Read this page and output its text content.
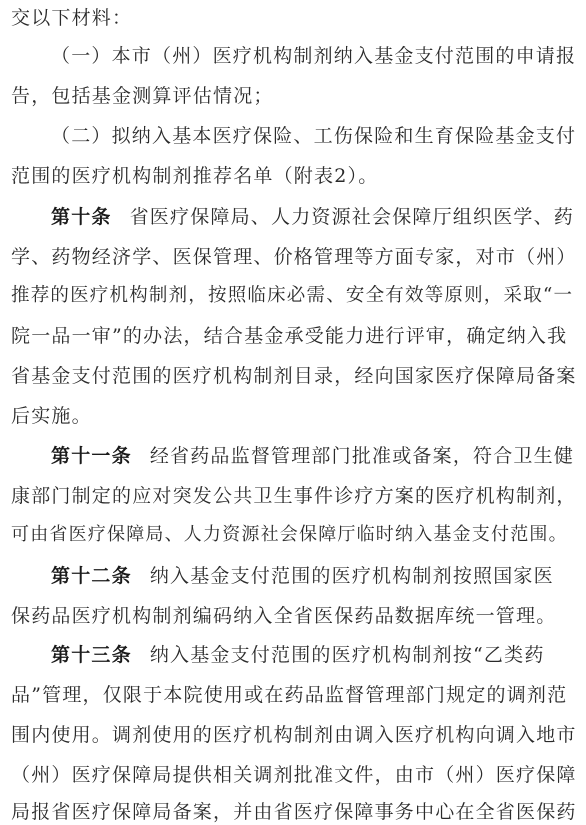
交以下材料：
（一）本市（州）医疗机构制剂纳入基金支付范围的申请报
告，包括基金测算评估情况；
（二）拟纳入基本医疗保险、工伤保险和生育保险基金支付
范围的医疗机构制剂推荐名单（附表2）。
第十条 省医疗保障局、人力资源社会保障厅组织医学、药
学、药物经济学、医保管理、价格管理等方面专家，对市（州）
推荐的医疗机构制剂，按照临床必需、安全有效等原则，采取“一
院一品一审”的办法，结合基金承受能力进行评审，确定纳入我
省基金支付范围的医疗机构制剂目录，经向国家医疗保障局备案
后实施。
第十一条 经省药品监督管理部门批准或备案，符合卫生健
康部门制定的应对突发公共卫生事件诊疗方案的医疗机构制剂，
可由省医疗保障局、人力资源社会保障厅临时纳入基金支付范围。
第十二条 纳入基金支付范围的医疗机构制剂按照国家医
保药品医疗机构制剂编码纳入全省医保药品数据库统一管理。
第十三条 纳入基金支付范围的医疗机构制剂按“乙类药
品”管理，仅限于本院使用或在药品监督管理部门规定的调剂范
围内使用。调剂使用的医疗机构制剂由调入医疗机构向调入地市
（州）医疗保障局提供相关调剂批准文件，由市（州）医疗保障
局报省医疗保障局备案，并由省医疗保障事务中心在全省医保药
